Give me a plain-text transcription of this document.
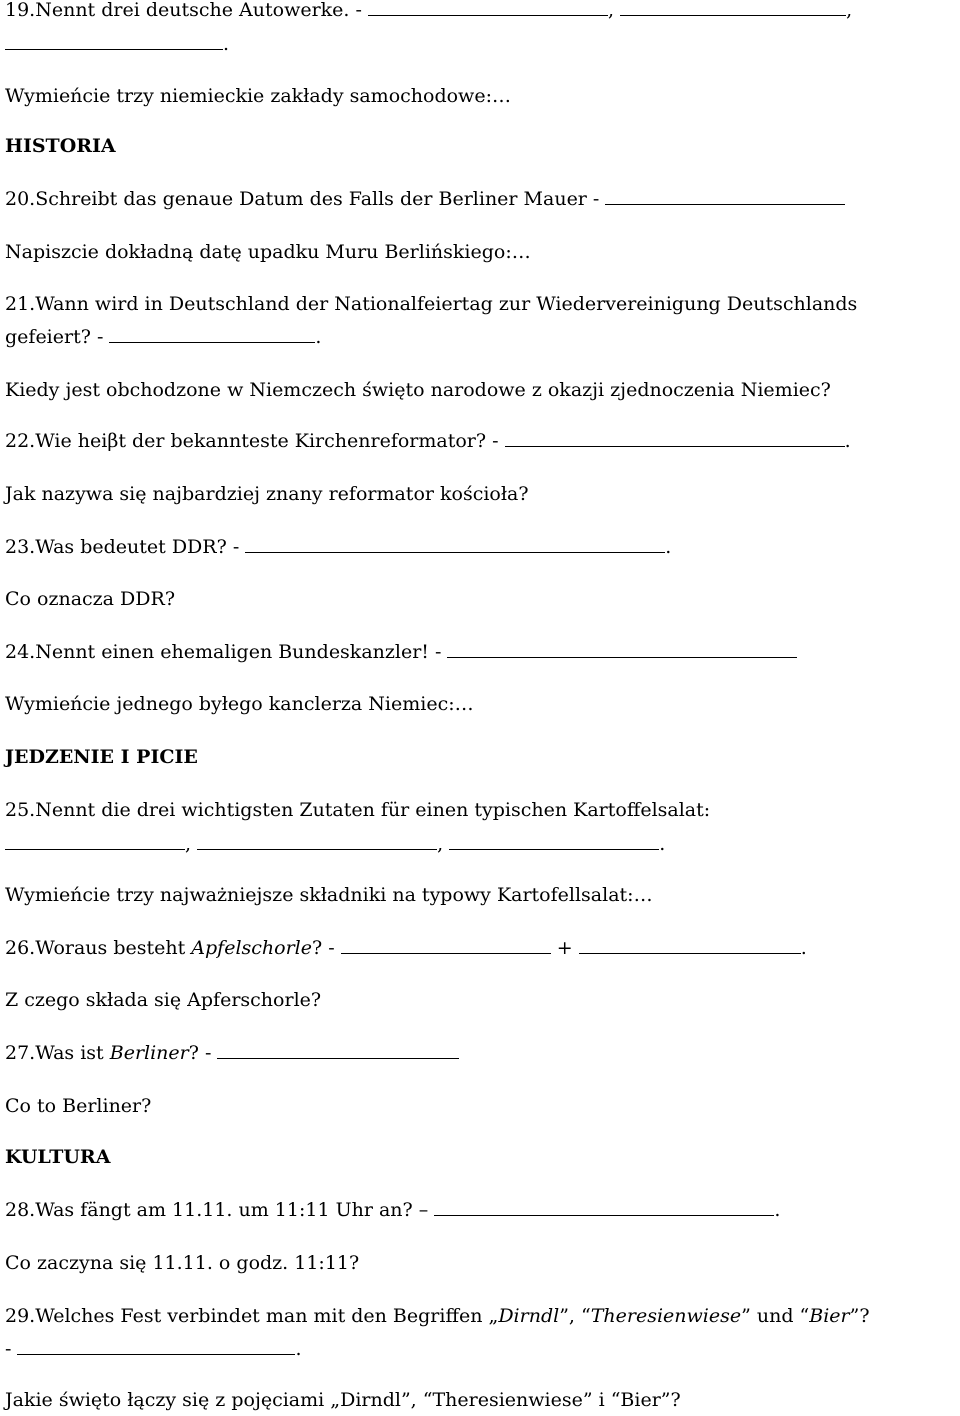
19.Nennt drei deutsche Autowerke. -	,	,
.
Wymieńcie trzy niemieckie zakłady samochodowe:…
HISTORIA
20.Schreibt das genaue Datum des Falls der Berliner Mauer -
Napiszcie dokładną datę upadku Muru Berlińskiego:…
21.Wann wird in Deutschland der Nationalfeiertag zur Wiedervereinigung Deutschlands
gefeiert? -	.
Kiedy jest obchodzone w Niemczech święto narodowe z okazji zjednoczenia Niemiec?
22.Wie heiβt der bekannteste Kirchenreformator? -	.
Jak nazywa się najbardziej znany reformator kościoła?
23.Was bedeutet DDR? -	.
Co oznacza DDR?
24.Nennt einen ehemaligen Bundeskanzler! -
Wymieńcie jednego byłego kanclerza Niemiec:…
JEDZENIE I PICIE
25.Nennt die drei wichtigsten Zutaten für einen typischen Kartoffelsalat:
,	,	.
Wymieńcie trzy najważniejsze składniki na typowy Kartofellsalat:…
26.Woraus besteht Apfelschorle? -	+	.
Z czego składa się Apferschorle?
27.Was ist Berliner? -
Co to Berliner?
KULTURA
28.Was fängt am 11.11. um 11:11 Uhr an? –	.
Co zaczyna się 11.11. o godz. 11:11?
29.Welches Fest verbindet man mit den Begriffen „Dirndl”, “Theresienwiese” und “Bier”?
-	.
Jakie święto łączy się z pojęciami „Dirndl”, “Theresienwiese” i “Bier”?
